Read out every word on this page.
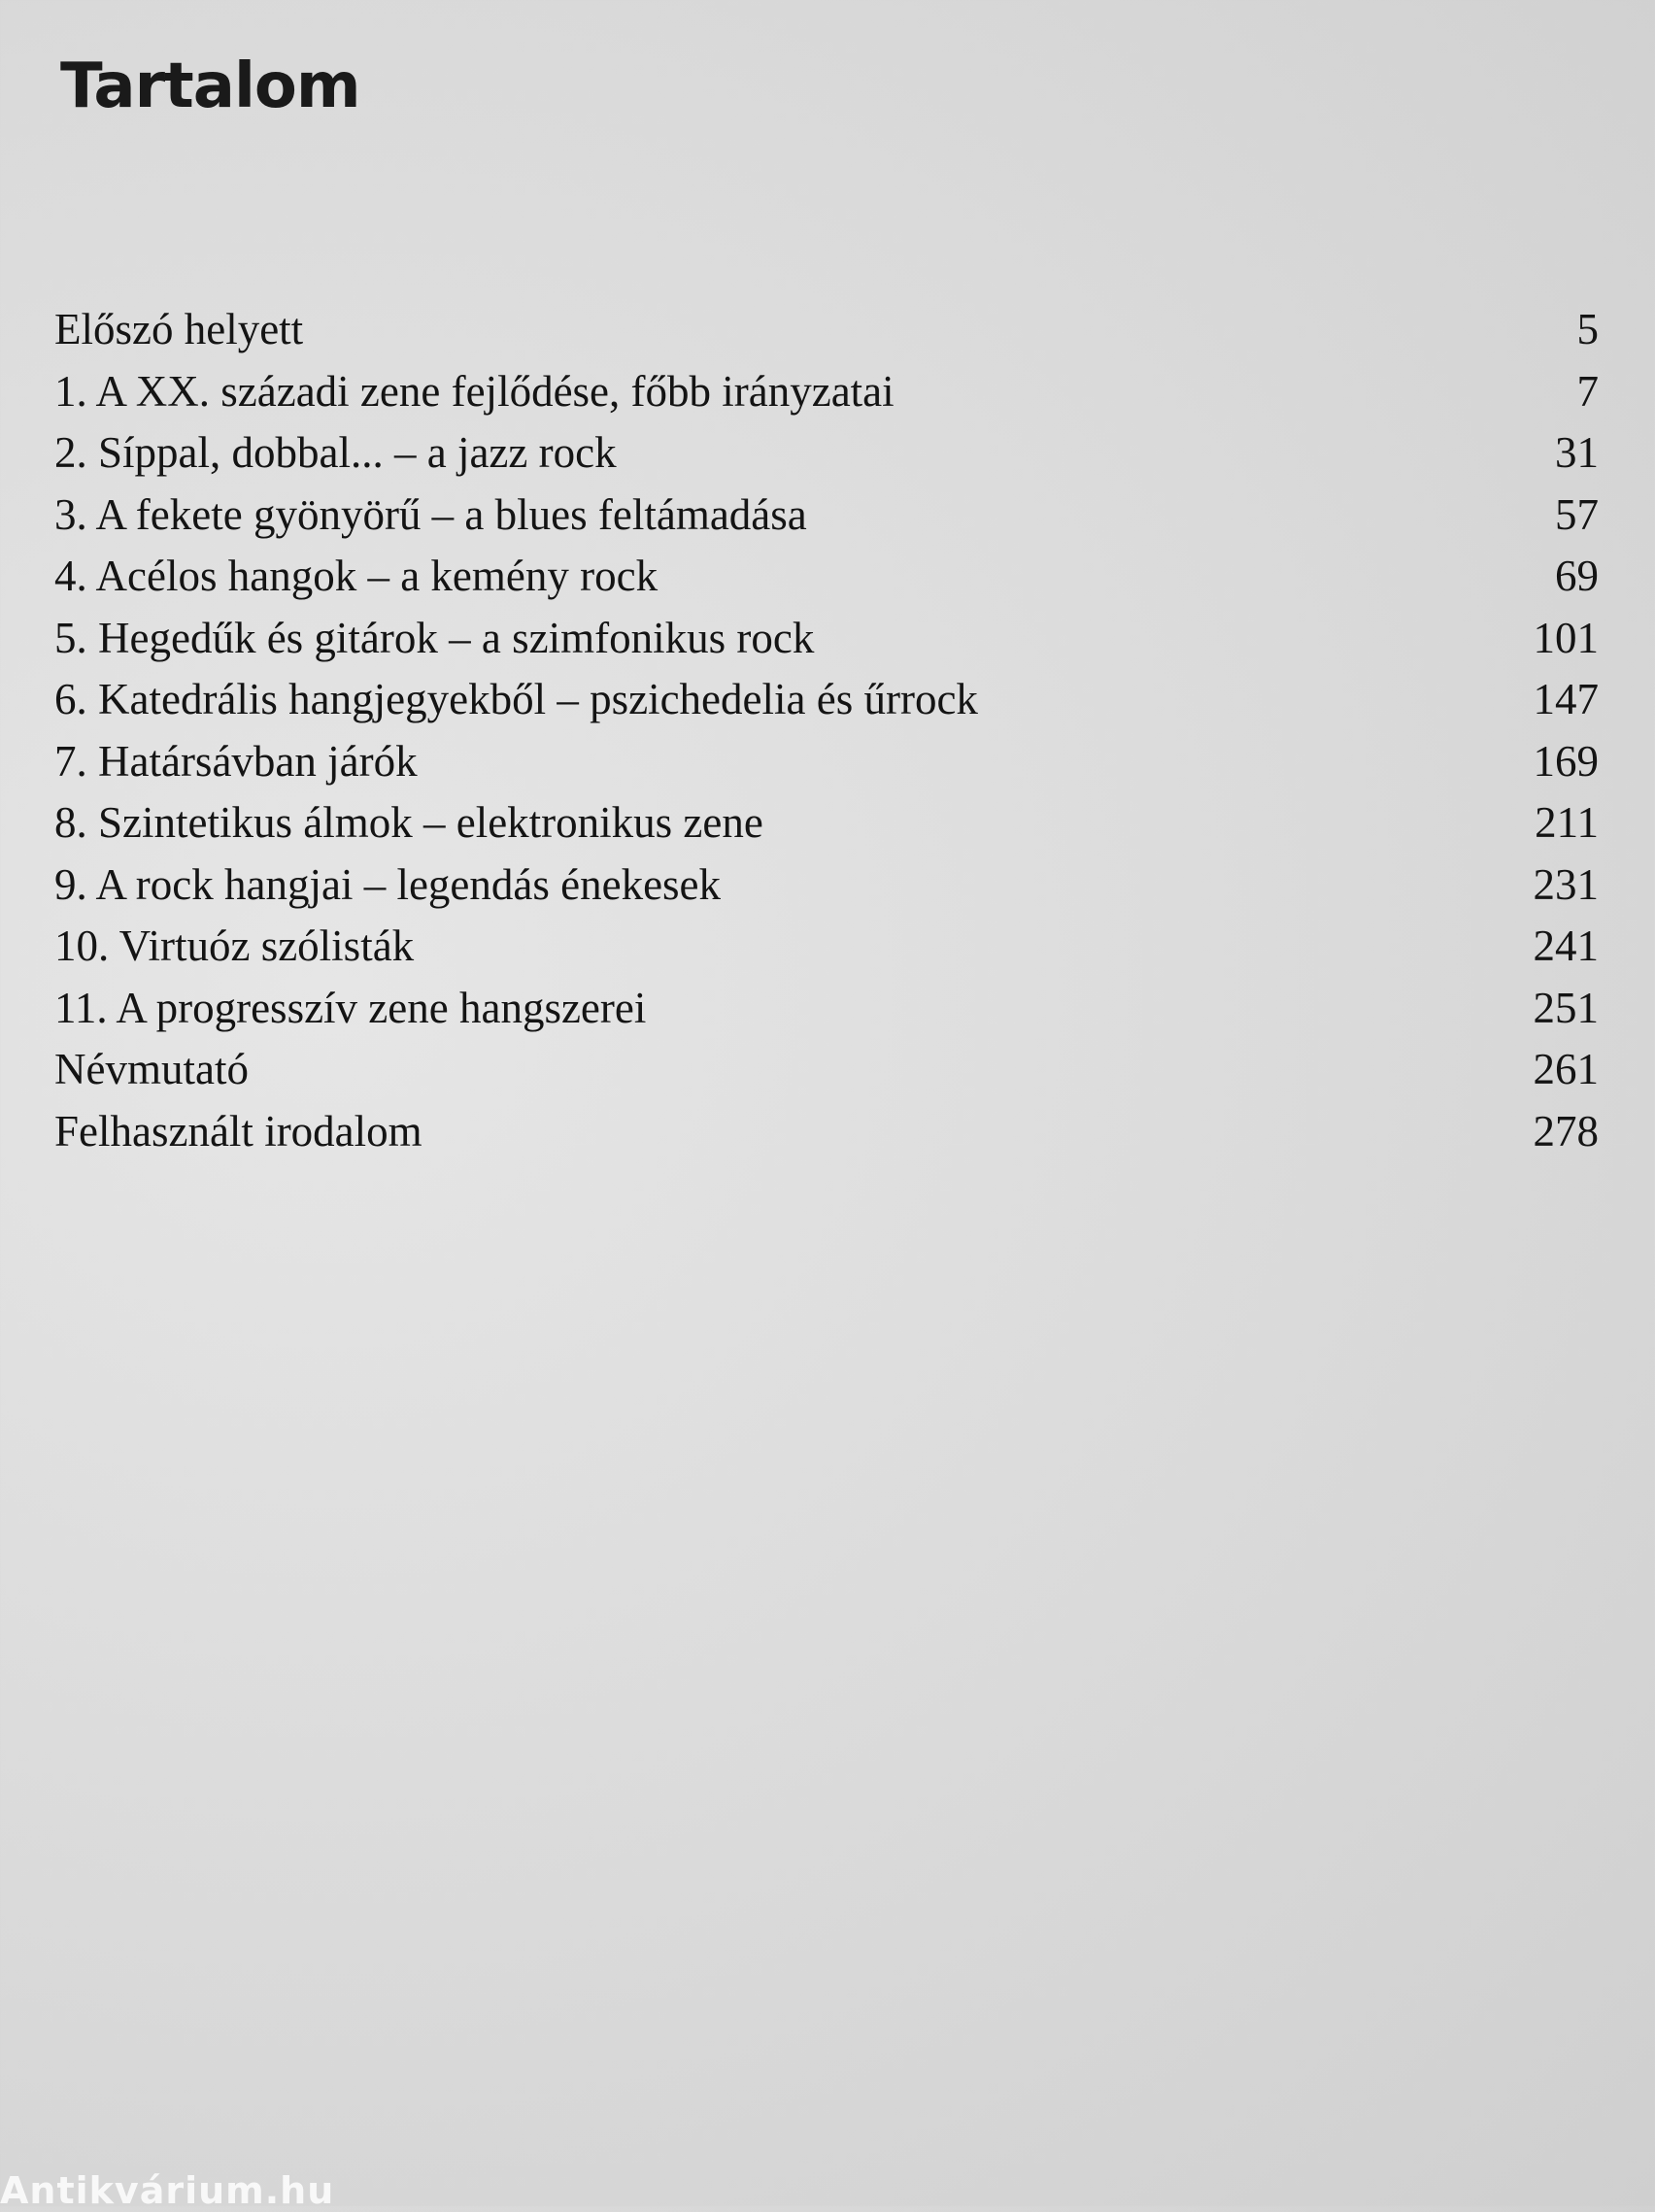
Tartalom
Előszó helyett	5
1. A XX. századi zene fejlődése, főbb irányzatai	7
2. Síppal, dobbal... – a jazz rock	31
3. A fekete gyönyörű – a blues feltámadása	57
4. Acélos hangok – a kemény rock	69
5. Hegedűk és gitárok – a szimfonikus rock	101
6. Katedrális hangjegyekből – pszichedelia és űrrock	147
7. Határsávban járók	169
8. Szintetikus álmok – elektronikus zene	211
9. A rock hangjai – legendás énekesek	231
10. Virtuóz szólisták	241
11. A progresszív zene hangszerei	251
Névmutató	261
Felhasznált irodalom	278
Antikvárium.hu
